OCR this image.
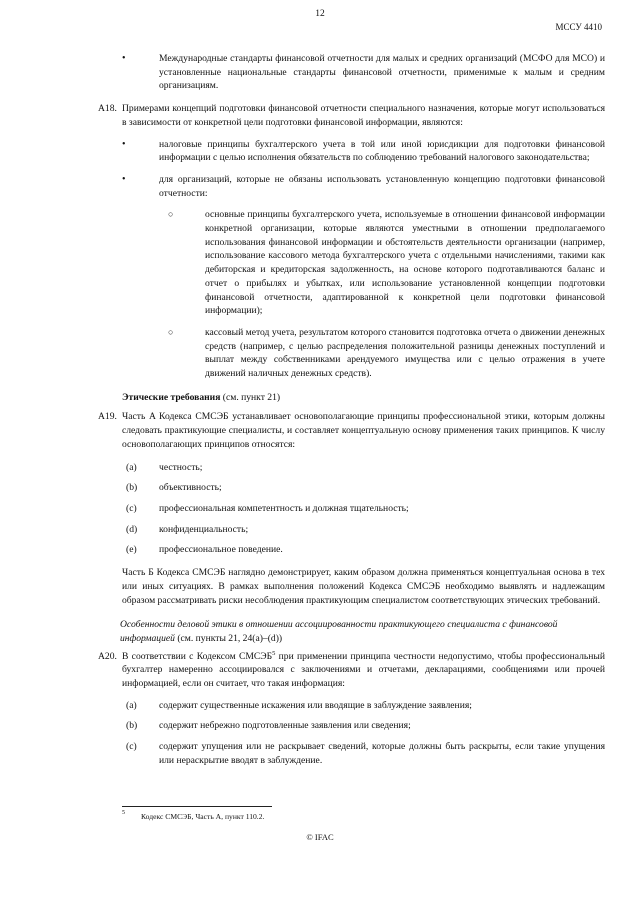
12
МССУ 4410
•	Международные стандарты финансовой отчетности для малых и средних организаций (МСФО для МСО) и установленные национальные стандарты финансовой отчетности, применимые к малым и средним организациям.
A18. Примерами концепций подготовки финансовой отчетности специального назначения, которые могут использоваться в зависимости от конкретной цели подготовки финансовой информации, являются:
•	налоговые принципы бухгалтерского учета в той или иной юрисдикции для подготовки финансовой информации с целью исполнения обязательств по соблюдению требований налогового законодательства;
•	для организаций, которые не обязаны использовать установленную концепцию подготовки финансовой отчетности:
○	основные принципы бухгалтерского учета, используемые в отношении финансовой информации конкретной организации, которые являются уместными в отношении предполагаемого использования финансовой информации и обстоятельств деятельности организации (например, использование кассового метода бухгалтерского учета с отдельными начислениями, такими как дебиторская и кредиторская задолженность, на основе которого подготавливаются баланс и отчет о прибылях и убытках, или использование установленной концепции подготовки финансовой отчетности, адаптированной к конкретной цели подготовки финансовой информации);
○	кассовый метод учета, результатом которого становится подготовка отчета о движении денежных средств (например, с целью распределения положительной разницы денежных поступлений и выплат между собственниками арендуемого имущества или с целью отражения в учете движений наличных денежных средств).
Этические требования (см. пункт 21)
A19. Часть A Кодекса СМСЭБ устанавливает основополагающие принципы профессиональной этики, которым должны следовать практикующие специалисты, и составляет концептуальную основу применения таких принципов. К числу основополагающих принципов относятся:
(a)	честность;
(b)	объективность;
(c)	профессиональная компетентность и должная тщательность;
(d)	конфиденциальность;
(e)	профессиональное поведение.
Часть Б Кодекса СМСЭБ наглядно демонстрирует, каким образом должна применяться концептуальная основа в тех или иных ситуациях. В рамках выполнения положений Кодекса СМСЭБ необходимо выявлять и надлежащим образом рассматривать риски несоблюдения практикующим специалистом соответствующих этических требований.
Особенности деловой этики в отношении ассоциированности практикующего специалиста с финансовой информацией (см. пункты 21, 24(a)–(d))
A20. В соответствии с Кодексом СМСЭБ$^5$ при применении принципа честности недопустимо, чтобы профессиональный бухгалтер намеренно ассоциировался с заключениями и отчетами, декларациями, сообщениями или прочей информацией, если он считает, что такая информация:
(a)	содержит существенные искажения или вводящие в заблуждение заявления;
(b)	содержит небрежно подготовленные заявления или сведения;
(c)	содержит упущения или не раскрывает сведений, которые должны быть раскрыты, если такие упущения или нераскрытие вводят в заблуждение.
5 Кодекс СМСЭБ, Часть A, пункт 110.2.
© IFAC
